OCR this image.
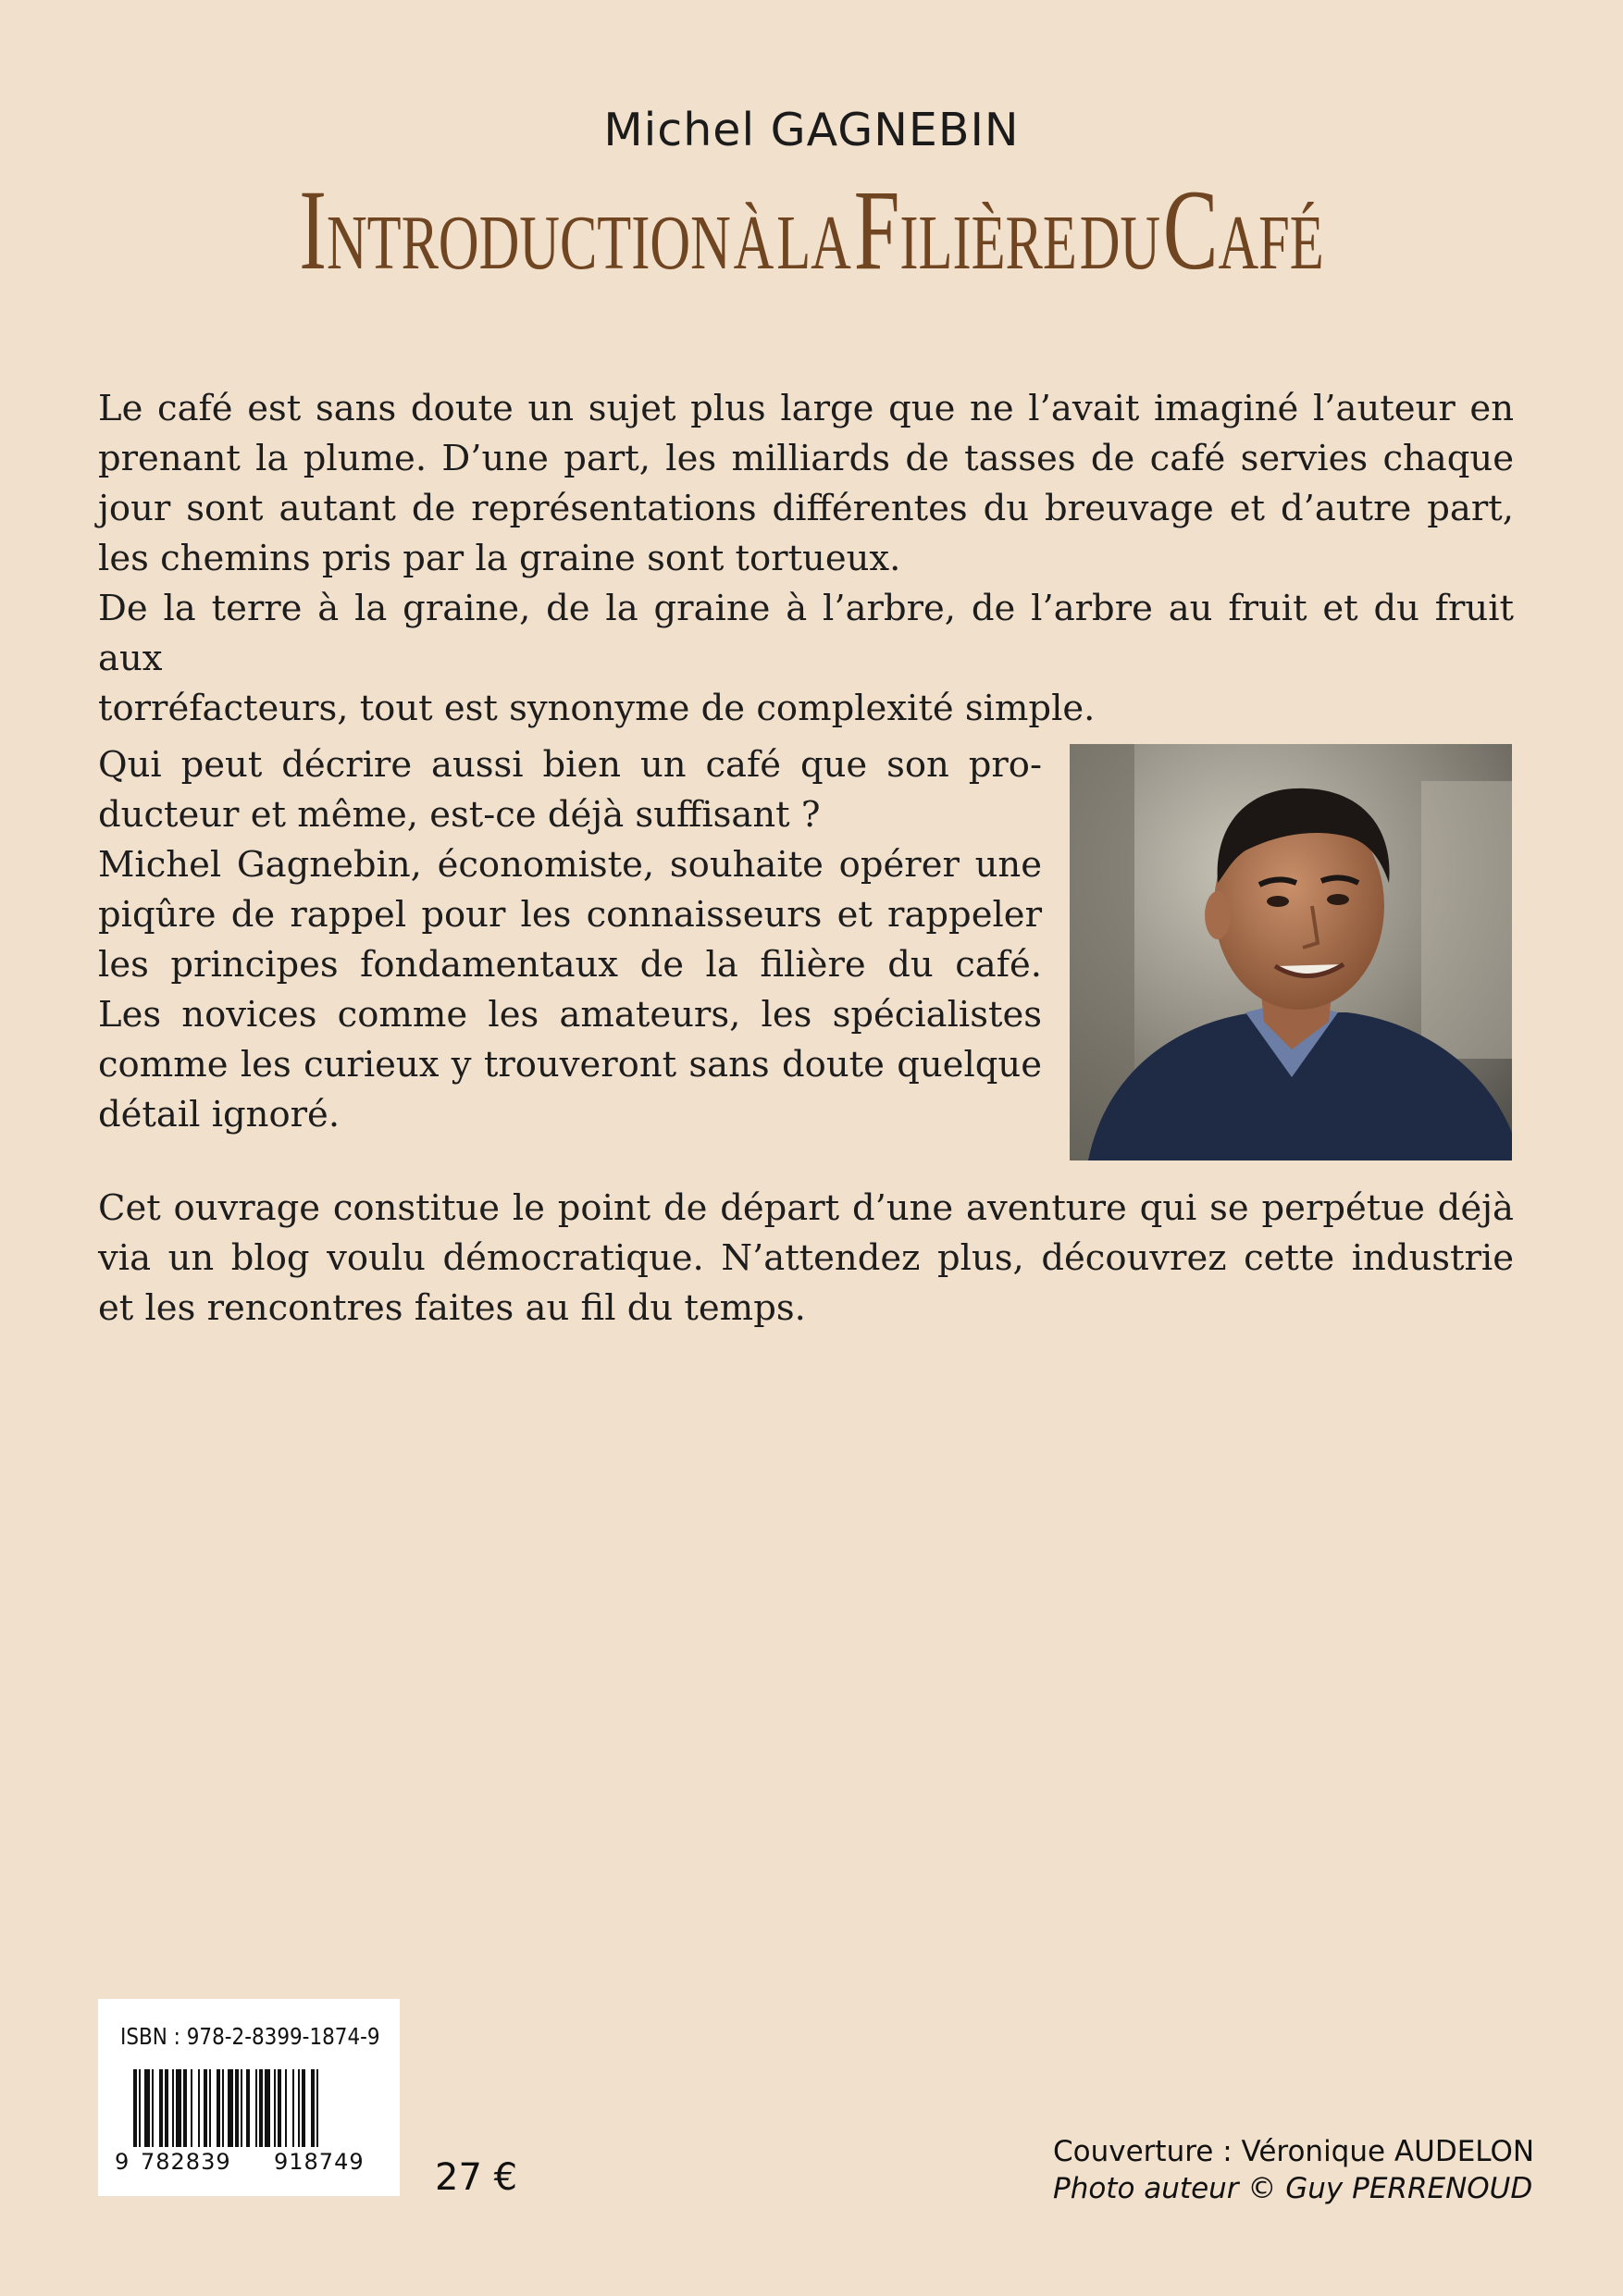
Michel GAGNEBIN
INTRODUCTION À LA FILIÈRE DU CAFÉ
Le café est sans doute un sujet plus large que ne l’avait imaginé l’auteur en
prenant la plume. D’une part, les milliards de tasses de café servies chaque
jour sont autant de représentations différentes du breuvage et d’autre part,
les chemins pris par la graine sont tortueux.
De la terre à la graine, de la graine à l’arbre, de l’arbre au fruit et du fruit aux
torréfacteurs, tout est synonyme de complexité simple.
Qui peut décrire aussi bien un café que son pro-
ducteur et même, est-ce déjà suffisant ?
Michel Gagnebin, économiste, souhaite opérer une
piqûre de rappel pour les connaisseurs et rappeler
les principes fondamentaux de la filière du café.
Les novices comme les amateurs, les spécialistes
comme les curieux y trouveront sans doute quelque
détail ignoré.
Cet ouvrage constitue le point de départ d’une aventure qui se perpétue déjà
via un blog voulu démocratique. N’attendez plus, découvrez cette industrie
et les rencontres faites au fil du temps.
ISBN : 978-2-8399-1874-9
9 782839 918749 27 €
Couverture : Véronique AUDELON
Photo auteur © Guy PERRENOUD
